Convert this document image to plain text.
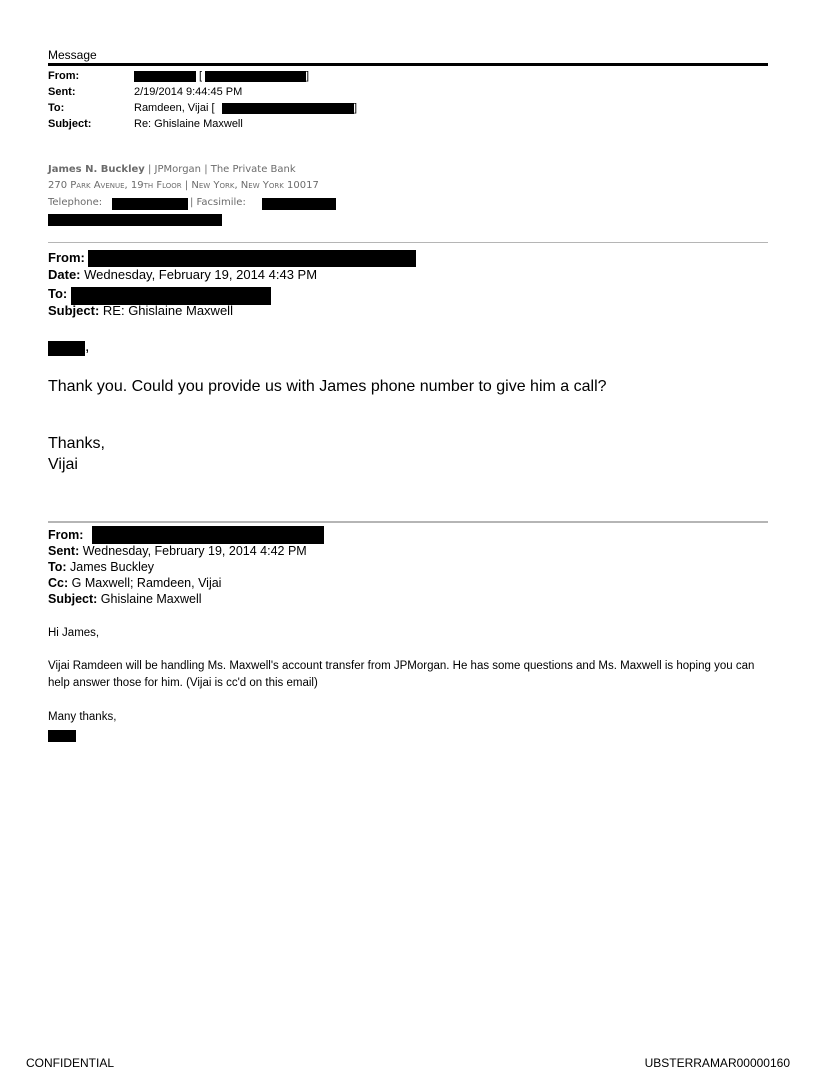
Message
From:	[	]
Sent:	2/19/2014 9:44:45 PM
To:	Ramdeen, Vijai [	]
Subject:	Re: Ghislaine Maxwell
James N. Buckley | JPMorgan | The Private Bank
270 Park Avenue, 19th Floor | New York, New York 10017
Telephone:	| Facsimile:
From:
Date: Wednesday, February 19, 2014 4:43 PM
To:
Subject: RE: Ghislaine Maxwell
,
Thank you. Could you provide us with James phone number to give him a call?
Thanks,
Vijai
From:
Sent: Wednesday, February 19, 2014 4:42 PM
To: James Buckley
Cc: G Maxwell; Ramdeen, Vijai
Subject: Ghislaine Maxwell
Hi James,
Vijai Ramdeen will be handling Ms. Maxwell's account transfer from JPMorgan. He has some questions and Ms. Maxwell is hoping you can help answer those for him. (Vijai is cc'd on this email)
Many thanks,
CONFIDENTIAL	UBSTERRAMAR00000160
